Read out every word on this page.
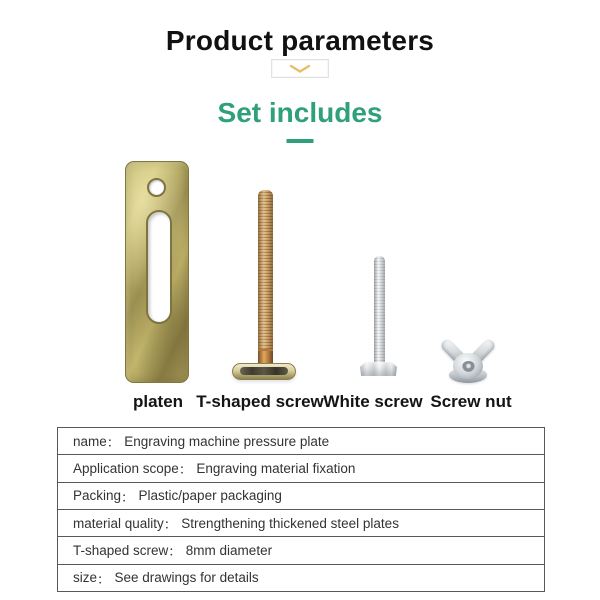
Product parameters
Set includes
platen T-shaped screw White screw Screw nut
name ： Engraving machine pressure plate
Application scope ： Engraving material fixation
Packing ： Plastic/paper packaging
material quality ： Strengthening thickened steel plates
T-shaped screw ： 8mm diameter
size ： See drawings for details
